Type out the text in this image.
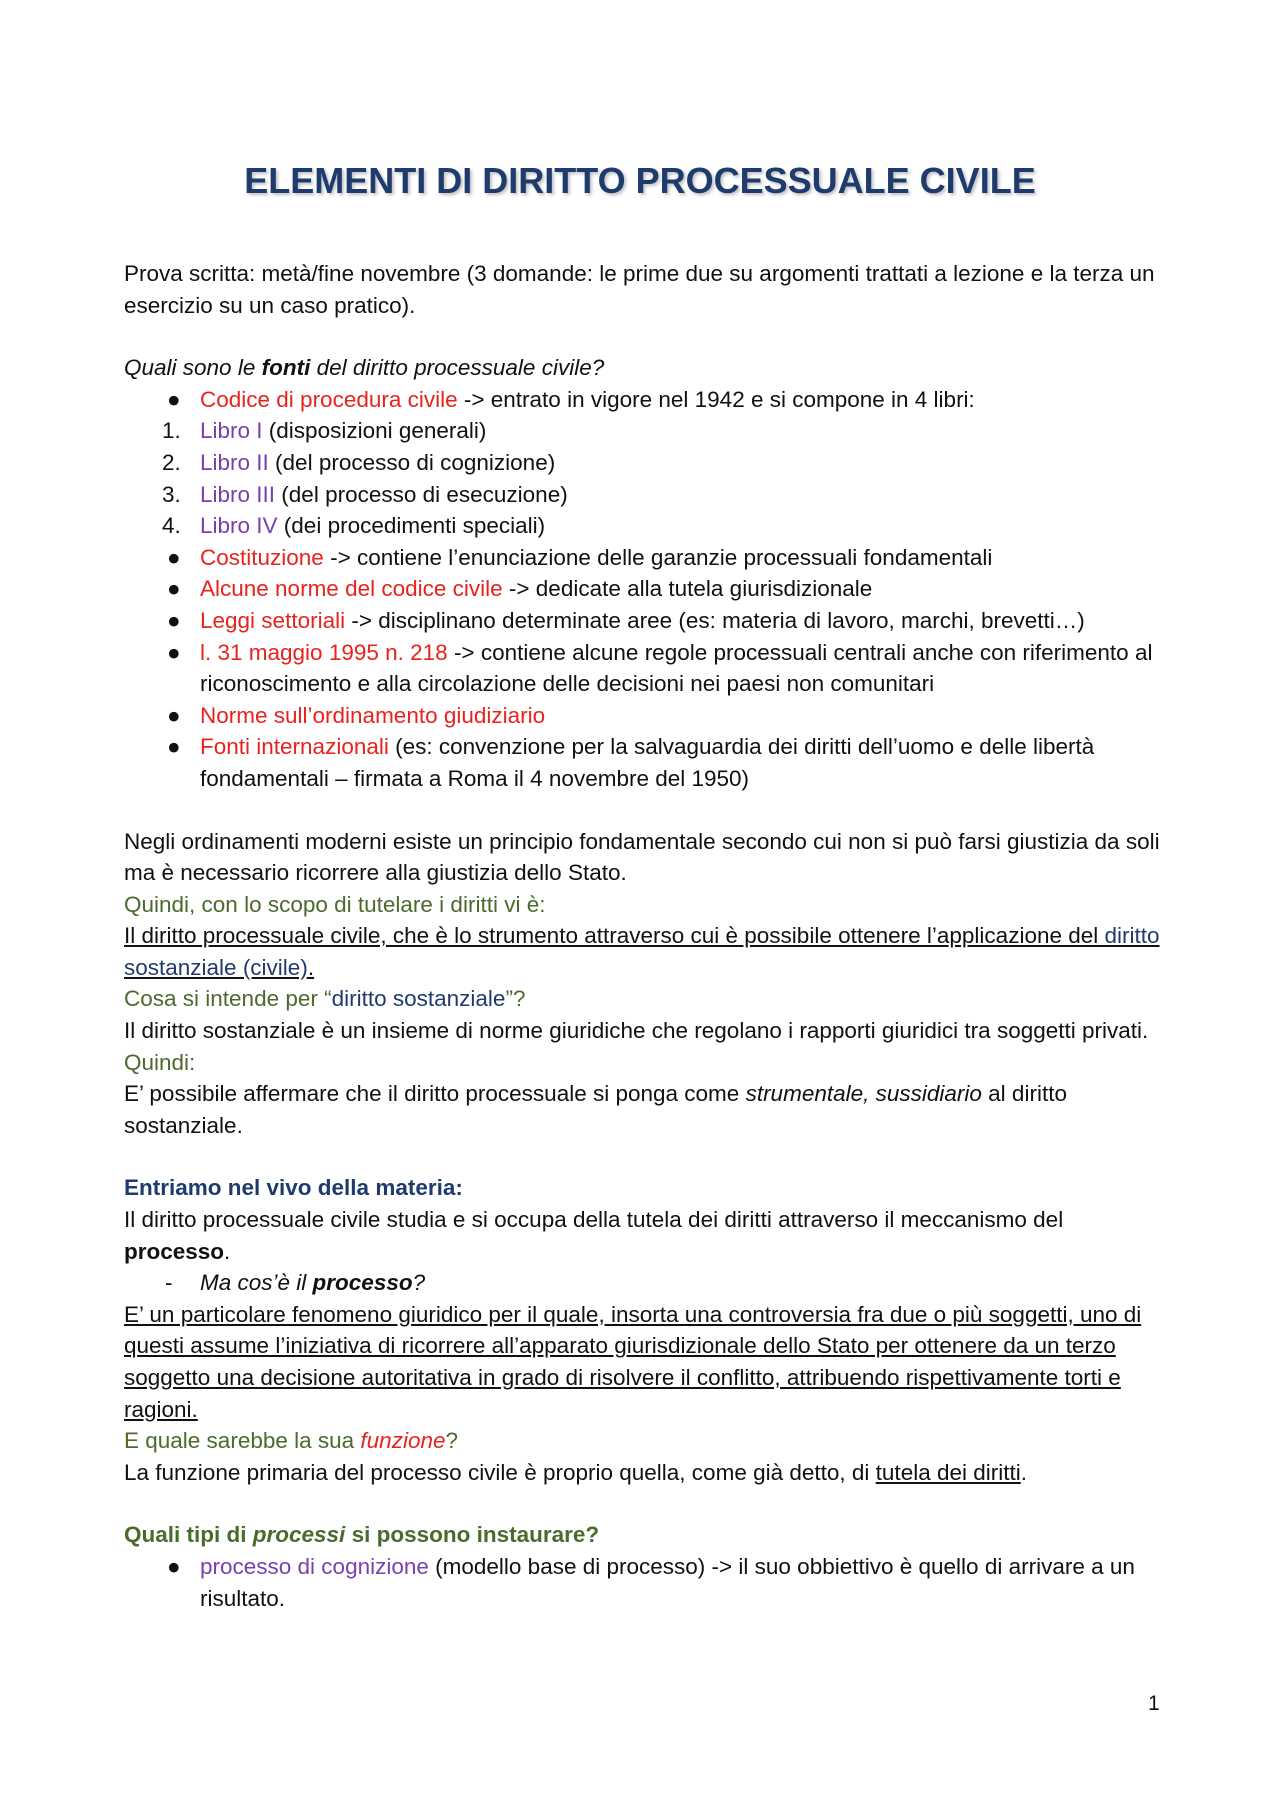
ELEMENTI DI DIRITTO PROCESSUALE CIVILE

Prova scritta: metà/fine novembre (3 domande: le prime due su argomenti trattati a lezione e la terza un esercizio su un caso pratico).

Quali sono le fonti del diritto processuale civile?

● Codice di procedura civile -> entrato in vigore nel 1942 e si compone in 4 libri:
1. Libro I (disposizioni generali)
2. Libro II (del processo di cognizione)
3. Libro III (del processo di esecuzione)
4. Libro IV (dei procedimenti speciali)
● Costituzione -> contiene l’enunciazione delle garanzie processuali fondamentali
● Alcune norme del codice civile -> dedicate alla tutela giurisdizionale
● Leggi settoriali -> disciplinano determinate aree (es: materia di lavoro, marchi, brevetti…)
● l. 31 maggio 1995 n. 218 -> contiene alcune regole processuali centrali anche con riferimento al riconoscimento e alla circolazione delle decisioni nei paesi non comunitari
● Norme sull’ordinamento giudiziario
● Fonti internazionali (es: convenzione per la salvaguardia dei diritti dell’uomo e delle libertà fondamentali – firmata a Roma il 4 novembre del 1950)

Negli ordinamenti moderni esiste un principio fondamentale secondo cui non si può farsi giustizia da soli ma è necessario ricorrere alla giustizia dello Stato.

Quindi, con lo scopo di tutelare i diritti vi è:

Il diritto processuale civile, che è lo strumento attraverso cui è possibile ottenere l’applicazione del diritto sostanziale (civile).

Cosa si intende per “diritto sostanziale”?

Il diritto sostanziale è un insieme di norme giuridiche che regolano i rapporti giuridici tra soggetti privati.

Quindi:

E’ possibile affermare che il diritto processuale si ponga come strumentale, sussidiario al diritto sostanziale.

Entriamo nel vivo della materia:

Il diritto processuale civile studia e si occupa della tutela dei diritti attraverso il meccanismo del processo.

- Ma cos’è il processo?

E’ un particolare fenomeno giuridico per il quale, insorta una controversia fra due o più soggetti, uno di questi assume l’iniziativa di ricorrere all’apparato giurisdizionale dello Stato per ottenere da un terzo soggetto una decisione autoritativa in grado di risolvere il conflitto, attribuendo rispettivamente torti e ragioni.

E quale sarebbe la sua funzione?

La funzione primaria del processo civile è proprio quella, come già detto, di tutela dei diritti.

Quali tipi di processi si possono instaurare?

● processo di cognizione (modello base di processo) -> il suo obbiettivo è quello di arrivare a un risultato.
1
